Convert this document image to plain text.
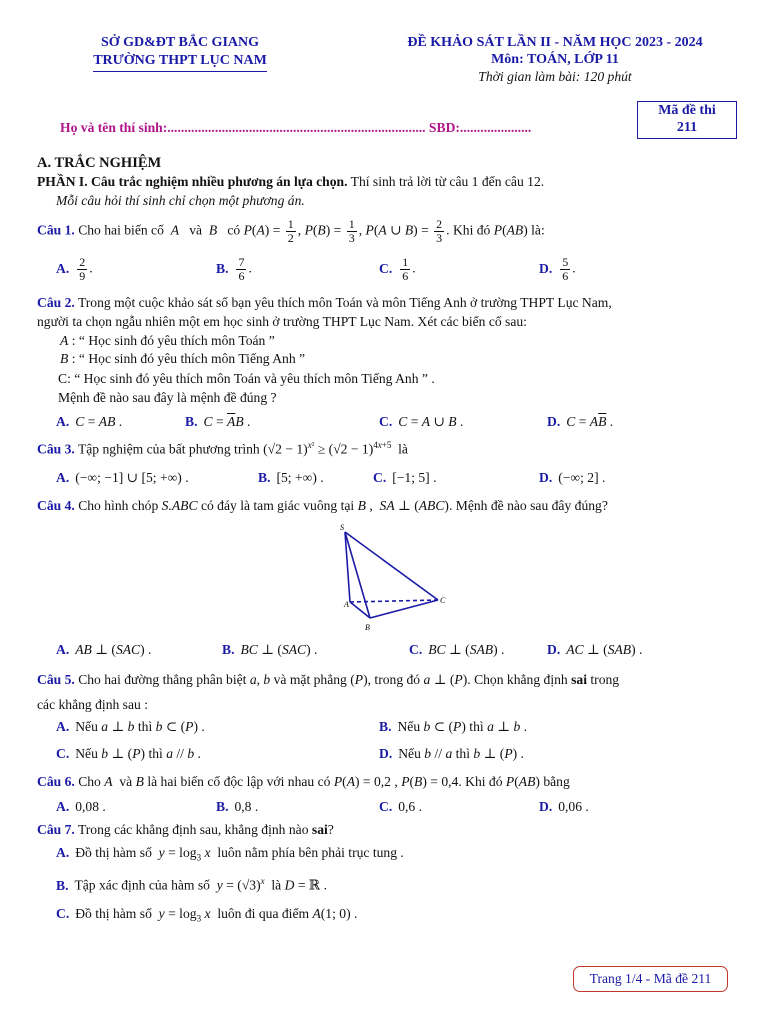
SỞ GD&ĐT BẮC GIANG
TRƯỜNG THPT LỤC NAM
ĐỀ KHẢO SÁT LẦN II - NĂM HỌC 2023 - 2024
Môn: TOÁN, LỚP 11
Thời gian làm bài: 120 phút
Mã đề thi
211
Họ và tên thí sinh:............................................................................ SBD:.....................
A. TRẮC NGHIỆM
PHẦN I. Câu trắc nghiệm nhiều phương án lựa chọn. Thí sinh trả lời từ câu 1 đến câu 12.
Mỗi câu hỏi thí sinh chỉ chọn một phương án.
Câu 1. Cho hai biến cố A và B có $P(A) = \frac{1}{2}$ , $P(B) = \frac{1}{3}$ , P(A ∪ $B) = \frac{2}{3}$ . Khi đó P(AB) là:
A. $\frac{2}{9}$ .	B. $\frac{7}{6}$ .	C. $\frac{1}{6}$ .	D. $\frac{5}{6}$ .
Câu 2. Trong một cuộc khảo sát số bạn yêu thích môn Toán và môn Tiếng Anh ở trường THPT Lục Nam,
người ta chọn ngẫu nhiên một em học sinh ở trường THPT Lục Nam. Xét các biến cố sau:
A : “ Học sinh đó yêu thích môn Toán ”
B : “ Học sinh đó yêu thích môn Tiếng Anh ”
C: “ Học sinh đó yêu thích môn Toán và yêu thích môn Tiếng Anh ” .
Mệnh đề nào sau đây là mệnh đề đúng ?
A. C = AB .	B. $C = \overline{A}B$ .	C. C = A ∪ B .	D. $C = A\overline{B}$ .
Câu 3. Tập nghiệm của bất phương trình $(√2 - 1)^{x^2} \ge (√2 - 1)^{4x+5}$ là
A. (−∞; −1] ∪ [5; +∞) .	B. [5; +∞) .	C. [−1; 5] .	D. (−∞; 2] .
Câu 4. Cho hình chóp S.ABC có đáy là tam giác vuông tại B ,  SA ⊥ (ABC). Mệnh đề nào sau đây đúng?
S
A
B
C
A. AB ⊥ (SAC) .	B. BC ⊥ (SAC) .	C. BC ⊥ (SAB) .	D. AC ⊥ (SAB) .
Câu 5. Cho hai đường thẳng phân biệt a, b và mặt phẳng (P), trong đó a ⊥ (P). Chọn khẳng định sai trong
các khẳng định sau :
A. Nếu a ⊥ b thì b ⊂ (P) .	B. Nếu b ⊂ (P) thì a ⊥ b .
C. Nếu b ⊥ (P) thì a // b .	D. Nếu b // a thì b ⊥ (P) .
Câu 6. Cho A và B là hai biến cố độc lập với nhau có P(A) = 0,2 , P(B) = 0,4. Khi đó P(AB) bằng
A. 0,08 .	B. 0,8 .	C. 0,6 .	D. 0,06 .
Câu 7. Trong các khẳng định sau, khẳng định nào sai?
A. Đồ thị hàm số $y = \log_3 x$ luôn nằm phía bên phải trục tung .
B. Tập xác định của hàm số $y = (√3)^x$ là D = ℝ .
C. Đồ thị hàm số $y = \log_3 x$ luôn đi qua điểm A(1; 0) .
Trang 1/4 - Mã đề 211
